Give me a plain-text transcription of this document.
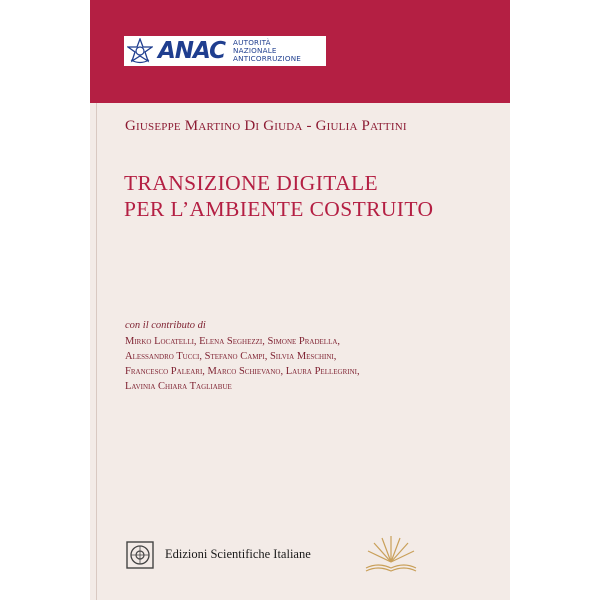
ANAC AUTORITÀ
NAZIONALE
ANTICORRUZIONE
Giuseppe Martino Di Giuda - Giulia Pattini
TRANSIZIONE DIGITALE
PER L’AMBIENTE COSTRUITO
con il contributo di
Mirko Locatelli, Elena Seghezzi, Simone Pradella,
Alessandro Tucci, Stefano Campi, Silvia Meschini,
Francesco Paleari, Marco Schievano, Laura Pellegrini,
Lavinia Chiara Tagliabue
Edizioni Scientifiche Italiane
